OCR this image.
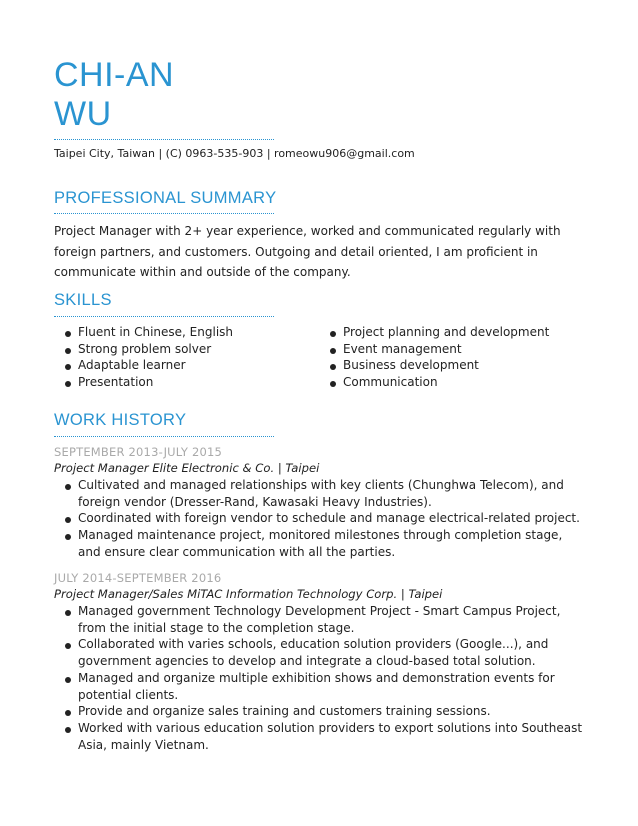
CHI-AN
WU
Taipei City, Taiwan | (C) 0963-535-903 | romeowu906@gmail.com
PROFESSIONAL SUMMARY

Project Manager with 2+ year experience, worked and communicated regularly with foreign partners, and customers. Outgoing and detail oriented, I am proficient in communicate within and outside of the company.

SKILLS
Fluent in Chinese, English
Strong problem solver
Adaptable learner
Presentation
Project planning and development
Event management
Business development
Communication
WORK HISTORY
SEPTEMBER 2013-JULY 2015
Project Manager Elite Electronic & Co. | Taipei
Cultivated and managed relationships with key clients (Chunghwa Telecom), and foreign vendor (Dresser-Rand, Kawasaki Heavy Industries).
Coordinated with foreign vendor to schedule and manage electrical-related project.
Managed maintenance project, monitored milestones through completion stage, and ensure clear communication with all the parties.
JULY 2014-SEPTEMBER 2016
Project Manager/Sales MiTAC Information Technology Corp. | Taipei
Managed government Technology Development Project - Smart Campus Project, from the initial stage to the completion stage.
Collaborated with varies schools, education solution providers (Google...), and government agencies to develop and integrate a cloud-based total solution.
Managed and organize multiple exhibition shows and demonstration events for potential clients.
Provide and organize sales training and customers training sessions.
Worked with various education solution providers to export solutions into Southeast Asia, mainly Vietnam.
